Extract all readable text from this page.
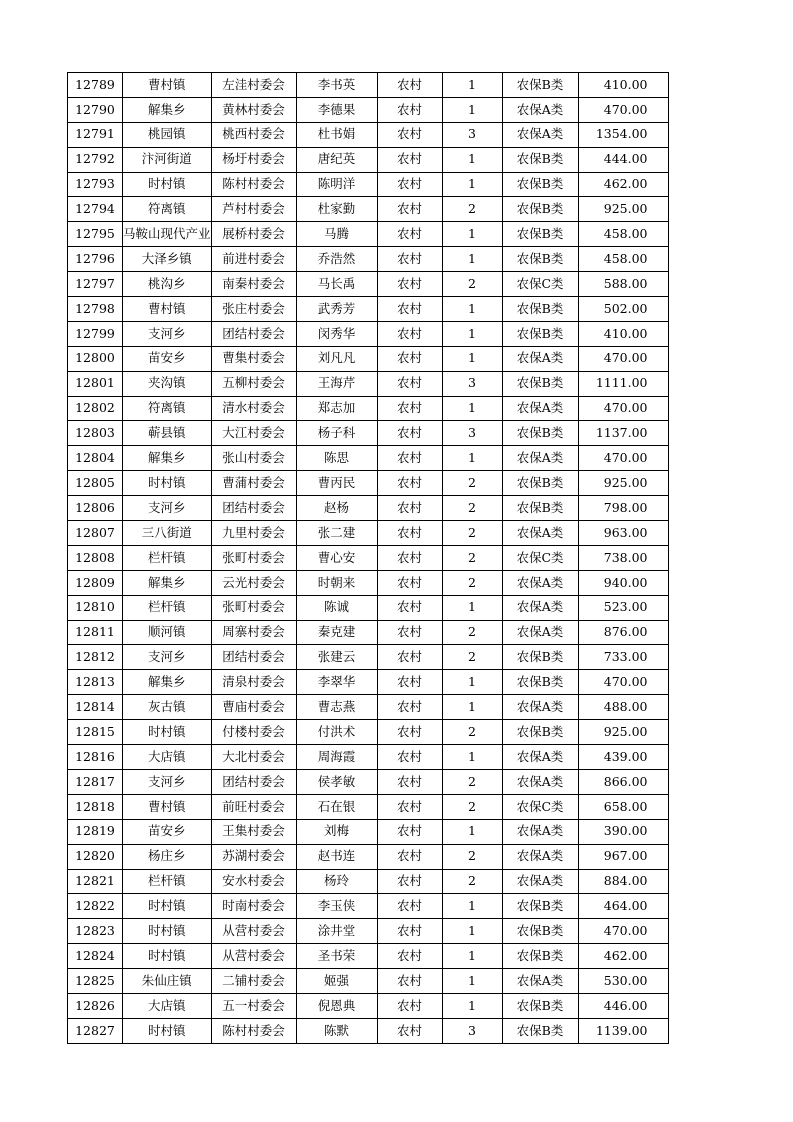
12789	曹村镇	左洼村委会	李书英	农村	1	农保B类	410.00
12790	解集乡	黄林村委会	李德果	农村	1	农保A类	470.00
12791	桃园镇	桃西村委会	杜书娟	农村	3	农保A类	1354.00
12792	汴河街道	杨圩村委会	唐纪英	农村	1	农保B类	444.00
12793	时村镇	陈村村委会	陈明洋	农村	1	农保B类	462.00
12794	符离镇	芦村村委会	杜家勤	农村	2	农保B类	925.00
12795	马鞍山现代产业	展桥村委会	马腾	农村	1	农保B类	458.00
12796	大泽乡镇	前进村委会	乔浩然	农村	1	农保B类	458.00
12797	桃沟乡	南秦村委会	马长禹	农村	2	农保C类	588.00
12798	曹村镇	张庄村委会	武秀芳	农村	1	农保B类	502.00
12799	支河乡	团结村委会	闵秀华	农村	1	农保B类	410.00
12800	苗安乡	曹集村委会	刘凡凡	农村	1	农保A类	470.00
12801	夹沟镇	五柳村委会	王海芹	农村	3	农保B类	1111.00
12802	符离镇	清水村委会	郑志加	农村	1	农保A类	470.00
12803	蕲县镇	大江村委会	杨子科	农村	3	农保B类	1137.00
12804	解集乡	张山村委会	陈思	农村	1	农保A类	470.00
12805	时村镇	曹蒲村委会	曹丙民	农村	2	农保B类	925.00
12806	支河乡	团结村委会	赵杨	农村	2	农保B类	798.00
12807	三八街道	九里村委会	张二建	农村	2	农保A类	963.00
12808	栏杆镇	张町村委会	曹心安	农村	2	农保C类	738.00
12809	解集乡	云光村委会	时朝来	农村	2	农保A类	940.00
12810	栏杆镇	张町村委会	陈诚	农村	1	农保A类	523.00
12811	顺河镇	周寨村委会	秦克建	农村	2	农保A类	876.00
12812	支河乡	团结村委会	张建云	农村	2	农保B类	733.00
12813	解集乡	清泉村委会	李翠华	农村	1	农保B类	470.00
12814	灰古镇	曹庙村委会	曹志燕	农村	1	农保A类	488.00
12815	时村镇	付楼村委会	付洪术	农村	2	农保B类	925.00
12816	大店镇	大北村委会	周海霞	农村	1	农保A类	439.00
12817	支河乡	团结村委会	侯孝敏	农村	2	农保A类	866.00
12818	曹村镇	前旺村委会	石在银	农村	2	农保C类	658.00
12819	苗安乡	王集村委会	刘梅	农村	1	农保A类	390.00
12820	杨庄乡	苏湖村委会	赵书连	农村	2	农保A类	967.00
12821	栏杆镇	安水村委会	杨玲	农村	2	农保A类	884.00
12822	时村镇	时南村委会	李玉侠	农村	1	农保B类	464.00
12823	时村镇	从营村委会	涂井堂	农村	1	农保B类	470.00
12824	时村镇	从营村委会	圣书荣	农村	1	农保B类	462.00
12825	朱仙庄镇	二铺村委会	姬强	农村	1	农保A类	530.00
12826	大店镇	五一村委会	倪恩典	农村	1	农保B类	446.00
12827	时村镇	陈村村委会	陈默	农村	3	农保B类	1139.00
